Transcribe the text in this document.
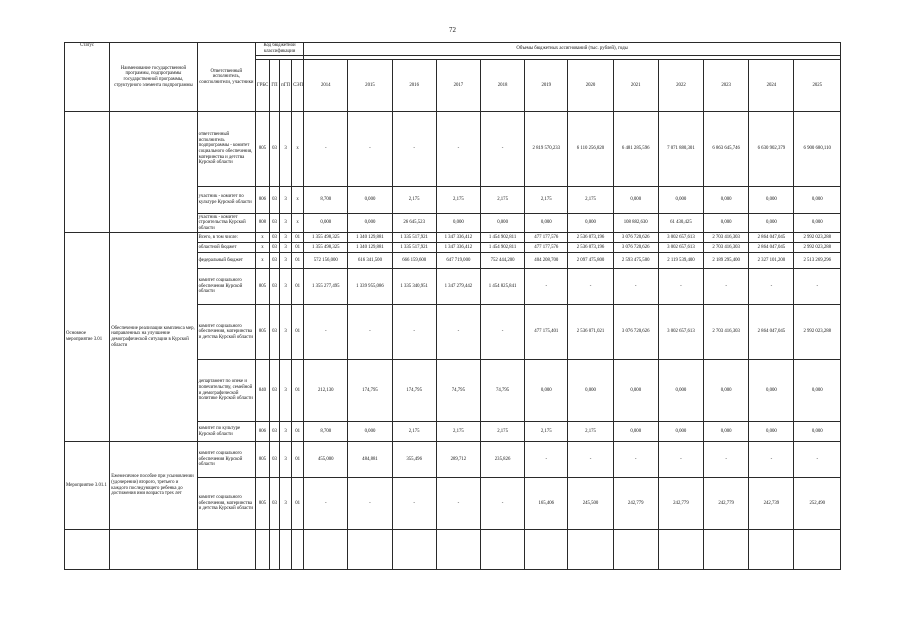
72
Статус	Наименование государственной программы, подпрограммы государственной программы, структурного элемента подпрограммы	Ответственный исполнитель, соисполнители, участники	Код бюджетной классификации				Объемы бюджетных ассигнований (тыс. рублей), годы											

			ГРБС	ГП	пГП	СЭП	2014	2015	2016	2017	2018	2019	2020	2021	2022	2023	2024	2025
		ответственный исполнитель подпрограммы - комитет социального обеспечения, материнства и детства Курской области	805	03	3	х	-	-	-	-	-	2 819 570,233	6 110 256,820	6 481 285,596	7 071 880,301	6 863 645,746	6 630 902,379	6 900 680,110
		участник - комитет по культуре Курской области	806	03	3	х	8,700	0,000	2,175	2,175	2,175	2,175	2,175	0,000	0,000	0,000	0,000	0,000
		участник - комитет строительства Курской области	808	03	3	х	0,000	0,000	26 645,523	0,000	0,000	0,000	0,000	108 882,630	61 430,425	0,000	0,000	0,000
Основное мероприятие 3.01	Обеспечение реализации комплекса мер, направленных на улучшение демографической ситуации в Курской области	Всего, в том числе:	х	03	3	01	1 355 498,325	1 340 129,881	1 335 517,921	1 347 336,412	1 454 902,811	477 177,576	2 536 073,196	3 076 720,626	3 002 657,613	2 703 416,303	2 864 047,045	2 992 023,288
		областной бюджет	х	03	3	01	1 355 498,325	1 340 129,881	1 335 517,921	1 347 336,412	1 454 902,811	477 177,576	2 536 073,196	3 076 720,626	3 002 657,613	2 703 416,303	2 864 047,045	2 992 023,288
		федеральный бюджет	х	03	3	01	572 156,000	616 341,500	666 159,600	647 719,000	752 444,200	404 208,700	2 097 475,800	2 593 475,500	2 119 539,400	2 189 295,400	2 327 101,200	2 513 269,296
		комитет социального обеспечения Курской области	805	03	3	01	1 355 277,495	1 339 955,086	1 335 340,951	1 347 279,442	1 454 825,841	-	-	-	-	-	-	-
		комитет социального обеспечения, материнства и детства Курской области	805	03	3	01	-	-	-	-	-	477 175,401	2 536 071,021	3 076 720,626	3 002 657,613	2 703 416,303	2 864 047,045	2 992 023,288
		департамент по опеке и попечительству, семейной и демографической политике Курской области	840	03	3	01	212,130	174,795	174,795	74,795	74,795	0,000	0,000	0,000	0,000	0,000	0,000	0,000
		комитет по культуре Курской области	806	03	3	01	8,700	0,000	2,175	2,175	2,175	2,175	2,175	0,000	0,000	0,000	0,000	0,000
Мероприятие 3.01.1	Ежемесячное пособие при усыновлении (удочерении) второго, третьего и каждого последующего ребенка до достижения ими возраста трех лет	комитет социального обеспечения Курской области	805	03	3	01	455,000	484,881	355,496	289,712	235,826	-	-	-	-	-	-	-
		комитет социального обеспечения, материнства и детства Курской области	805	03	3	01	-	-	-	-	-	165,406	245,500	242,779	242,779	242,779	242,739	252,490
